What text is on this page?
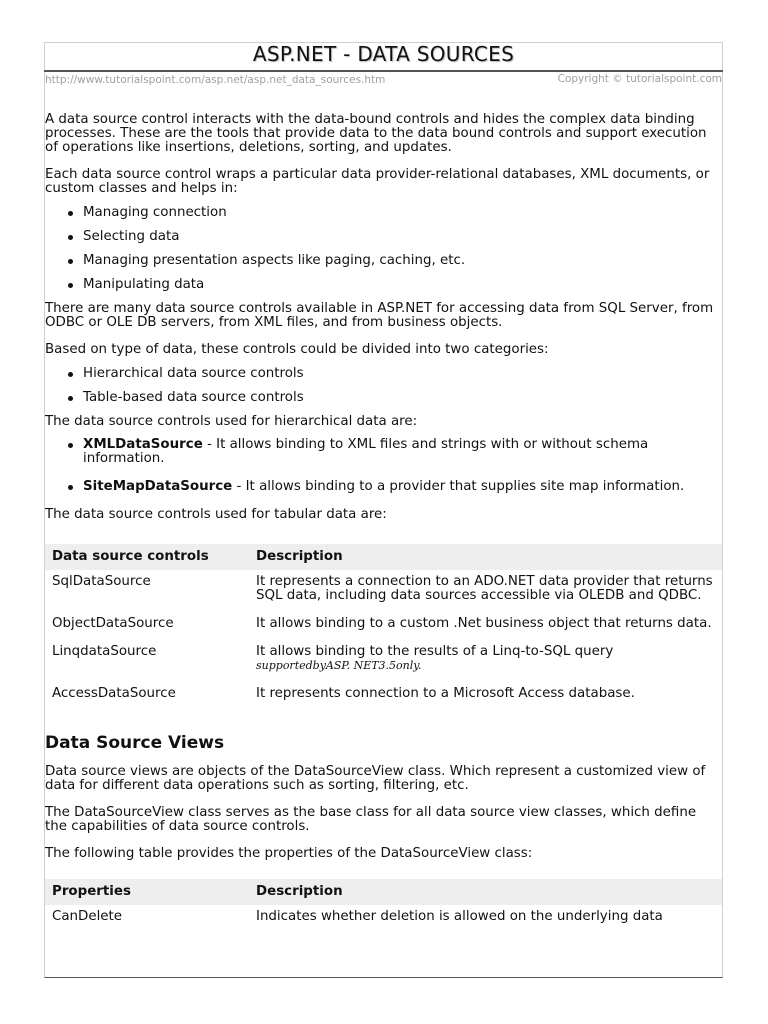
ASP.NET - DATA SOURCES
http://www.tutorialspoint.com/asp.net/asp.net_data_sources.htm	Copyright © tutorialspoint.com

A data source control interacts with the data-bound controls and hides the complex data binding processes. These are the tools that provide data to the data bound controls and support execution of operations like insertions, deletions, sorting, and updates.

Each data source control wraps a particular data provider-relational databases, XML documents, or custom classes and helps in:

Managing connection
Selecting data
Managing presentation aspects like paging, caching, etc.
Manipulating data

There are many data source controls available in ASP.NET for accessing data from SQL Server, from ODBC or OLE DB servers, from XML files, and from business objects.

Based on type of data, these controls could be divided into two categories:

Hierarchical data source controls
Table-based data source controls

The data source controls used for hierarchical data are:

XMLDataSource - It allows binding to XML files and strings with or without schema information.
SiteMapDataSource - It allows binding to a provider that supplies site map information.

The data source controls used for tabular data are:

Data source controls	Description
SqlDataSource	It represents a connection to an ADO.NET data provider that returns SQL data, including data sources accessible via OLEDB and QDBC.
ObjectDataSource	It allows binding to a custom .Net business object that returns data.
LinqdataSource	It allows binding to the results of a Linq-to-SQL query
supportedbyASP. NET3.5only.
AccessDataSource	It represents connection to a Microsoft Access database.
Data Source Views

Data source views are objects of the DataSourceView class. Which represent a customized view of data for different data operations such as sorting, filtering, etc.

The DataSourceView class serves as the base class for all data source view classes, which define the capabilities of data source controls.

The following table provides the properties of the DataSourceView class:

Properties	Description
CanDelete	Indicates whether deletion is allowed on the underlying data
